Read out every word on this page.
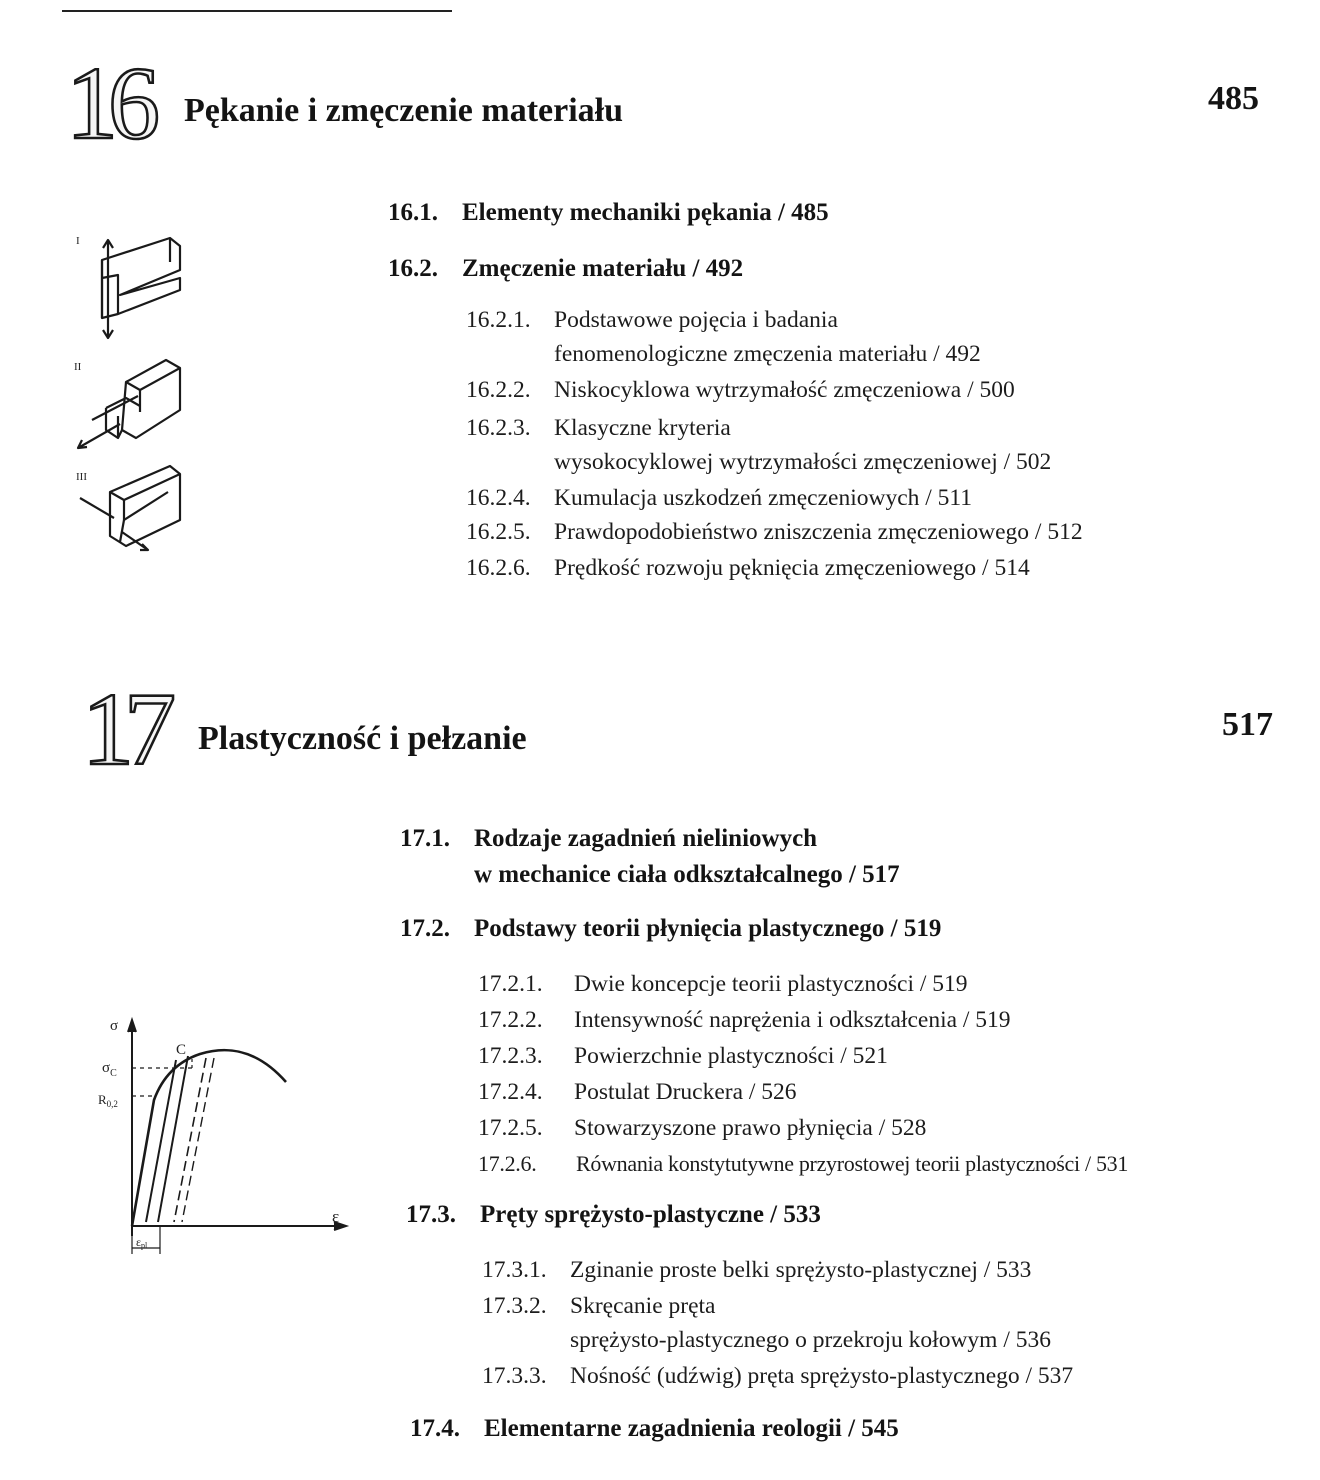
16 Pękanie i zmęczenie materiału	485
I
II
III
16.1. Elementy mechaniki pękania / 485
16.2. Zmęczenie materiału / 492
16.2.1. Podstawowe pojęcia i badania
fenomenologiczne zmęczenia materiału / 492
16.2.2. Niskocyklowa wytrzymałość zmęczeniowa / 500
16.2.3. Klasyczne kryteria
wysokocyklowej wytrzymałości zmęczeniowej / 502
16.2.4. Kumulacja uszkodzeń zmęczeniowych / 511
16.2.5. Prawdopodobieństwo zniszczenia zmęczeniowego / 512
16.2.6. Prędkość rozwoju pęknięcia zmęczeniowego / 514
17 Plastyczność i pełzanie	517
σ
$\sigma_C$
$R_{0,2}$
C
ε
εpl
17.1. Rodzaje zagadnień nieliniowych
w mechanice ciała odkształcalnego / 517
17.2. Podstawy teorii płynięcia plastycznego / 519
17.2.1. Dwie koncepcje teorii plastyczności / 519
17.2.2. Intensywność naprężenia i odkształcenia / 519
17.2.3. Powierzchnie plastyczności / 521
17.2.4. Postulat Druckera / 526
17.2.5. Stowarzyszone prawo płynięcia / 528
17.2.6. Równania konstytutywne przyrostowej teorii plastyczności / 531
17.3. Pręty sprężysto-plastyczne / 533
17.3.1. Zginanie proste belki sprężysto-plastycznej / 533
17.3.2. Skręcanie pręta
sprężysto-plastycznego o przekroju kołowym / 536
17.3.3. Nośność (udźwig) pręta sprężysto-plastycznego / 537
17.4. Elementarne zagadnienia reologii / 545
